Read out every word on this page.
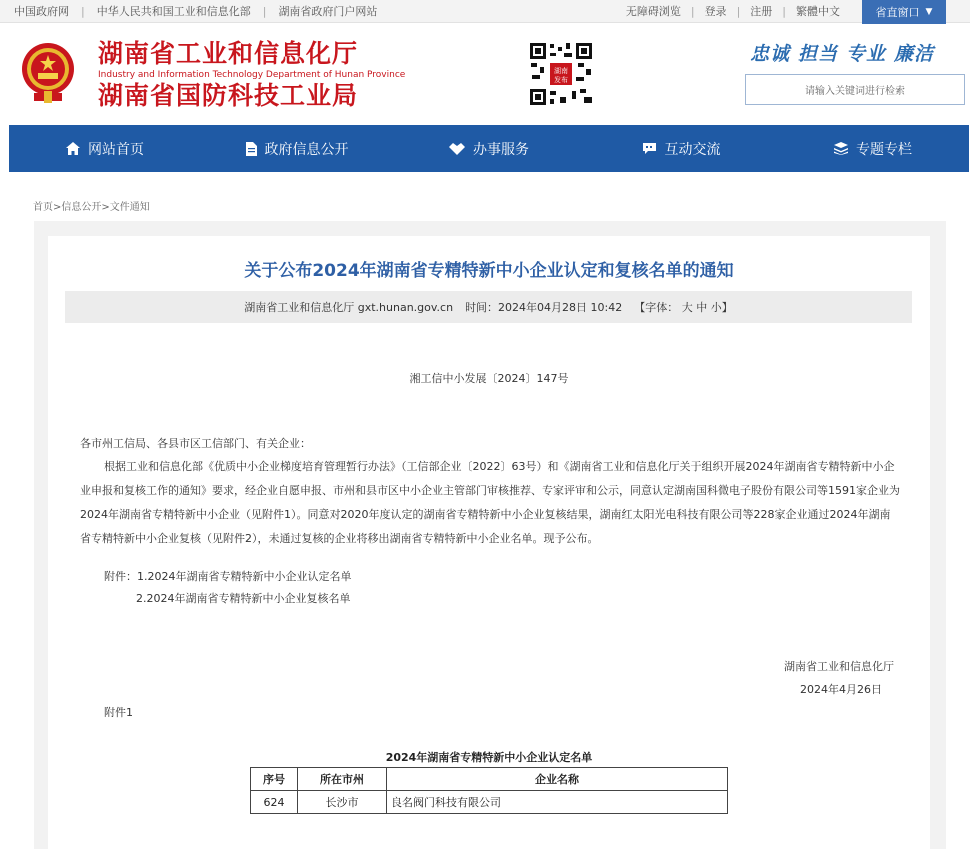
中国政府网 | 中华人民共和国工业和信息化部 | 湖南省政府门户网站	无障碍浏览 | 登录 | 注册 | 繁體中文	省直窗口 ▼
湖南省工业和信息化厅
Industry and Information Technology Department of Hunan Province
湖南省国防科技工业局
湖南
发布
忠诚 担当 专业 廉洁
请输入关键词进行检索
网站首页	政府信息公开	办事服务	互动交流	专题专栏
首页>信息公开>文件通知
关于公布2024年湖南省专精特新中小企业认定和复核名单的通知
湖南省工业和信息化厅 gxt.hunan.gov.cn 时间：2024年04月28日 10:42 【字体： 大 中 小】
湘工信中小发展〔2024〕147号
各市州工信局、各县市区工信部门、有关企业：
根据工业和信息化部《优质中小企业梯度培育管理暂行办法》（工信部企业〔2022〕63号）和《湖南省工业和信息化厅关于组织开展2024年湖南省专精特新中小企业申报和复核工作的通知》要求，经企业自愿申报、市州和县市区中小企业主管部门审核推荐、专家评审和公示，同意认定湖南国科微电子股份有限公司等1591家企业为2024年湖南省专精特新中小企业（见附件1）。同意对2020年度认定的湖南省专精特新中小企业复核结果，湖南红太阳光电科技有限公司等228家企业通过2024年湖南省专精特新中小企业复核（见附件2），未通过复核的企业将移出湖南省专精特新中小企业名单。现予公布。
附件：1.2024年湖南省专精特新中小企业认定名单
2.2024年湖南省专精特新中小企业复核名单
湖南省工业和信息化厅
2024年4月26日
附件1
2024年湖南省专精特新中小企业认定名单
序号	所在市州	企业名称
624	长沙市	良名阀门科技有限公司
